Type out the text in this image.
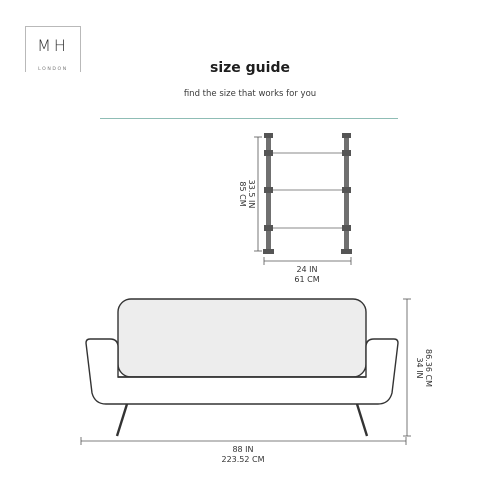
MH
LONDON	size guide
find the size that works for you
33.5 IN
85 CM
24 IN
61 CM
34 IN 86.36 CM
88 IN
223.52 CM
